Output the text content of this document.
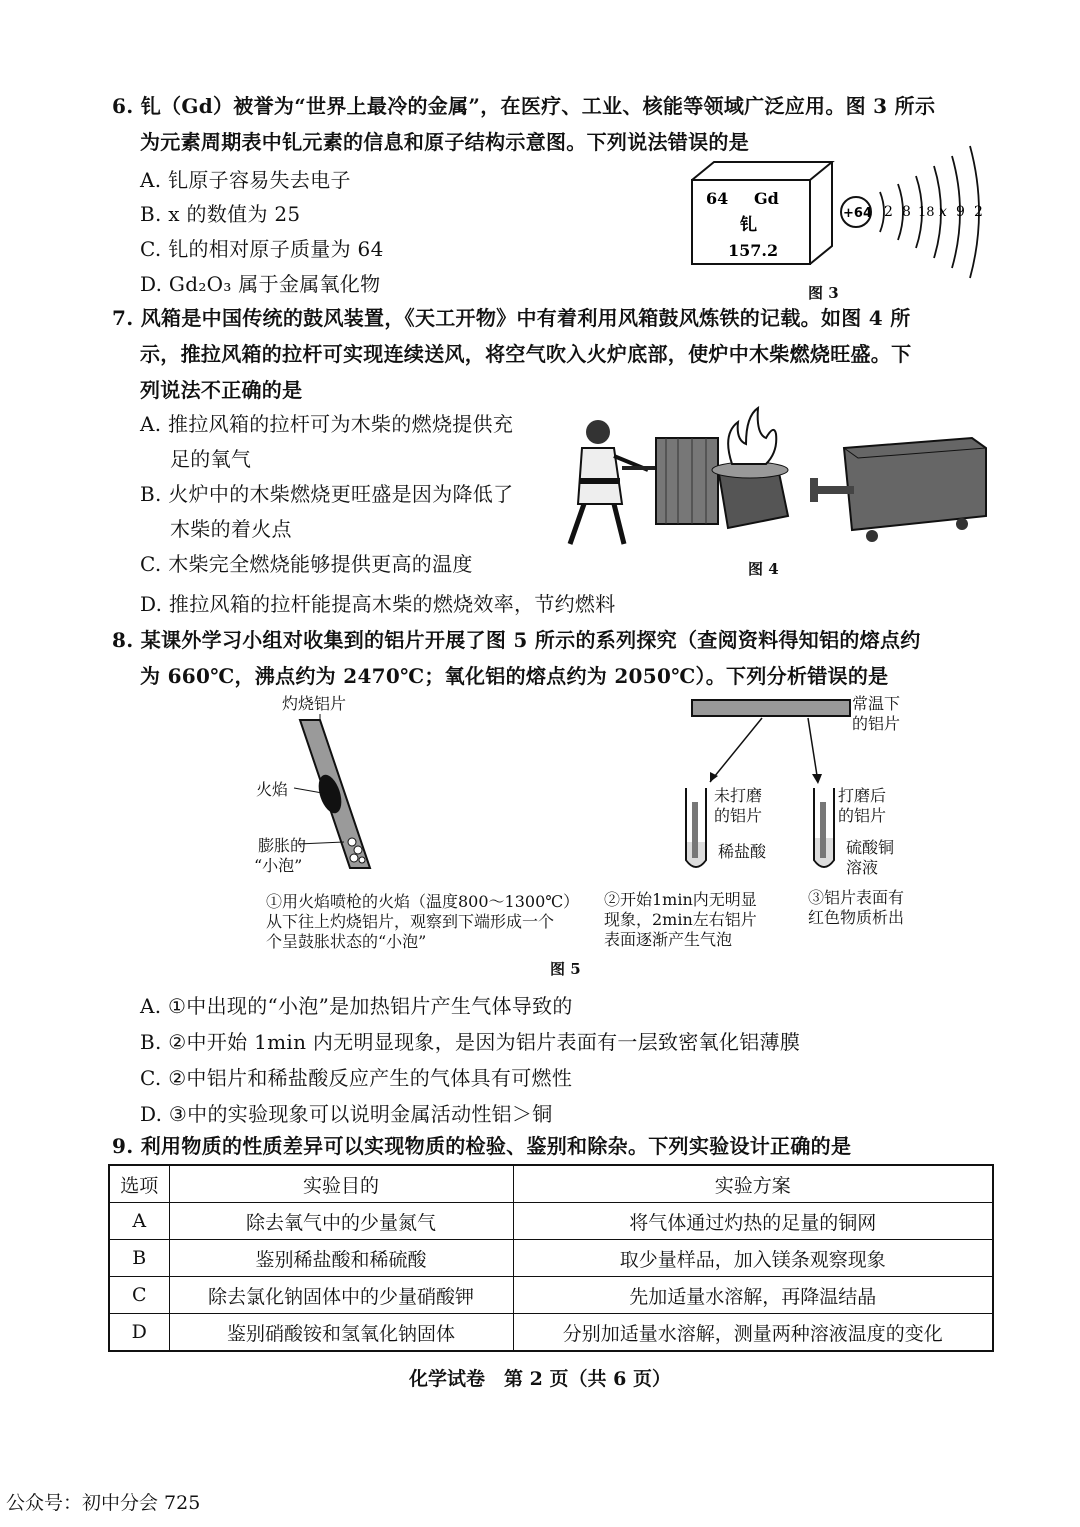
6. 钆（Gd）被誉为“世界上最冷的金属”，在医疗、工业、核能等领域广泛应用。图 3 所示
为元素周期表中钆元素的信息和原子结构示意图。下列说法错误的是
A. 钆原子容易失去电子
B. x 的数值为 25
C. 钆的相对原子质量为 64
D. Gd₂O₃ 属于金属氧化物
64 Gd
钆
157.2
+64 2 8 18 x 9 2
图 3
7. 风箱是中国传统的鼓风装置，《天工开物》中有着利用风箱鼓风炼铁的记载。如图 4 所
示，推拉风箱的拉杆可实现连续送风，将空气吹入火炉底部，使炉中木柴燃烧旺盛。下
列说法不正确的是
A. 推拉风箱的拉杆可为木柴的燃烧提供充
足的氧气
B. 火炉中的木柴燃烧更旺盛是因为降低了
木柴的着火点
C. 木柴完全燃烧能够提供更高的温度
D. 推拉风箱的拉杆能提高木柴的燃烧效率，节约燃料
图 4
8. 某课外学习小组对收集到的铝片开展了图 5 所示的系列探究（查阅资料得知铝的熔点约
为 660℃，沸点约为 2470℃；氧化铝的熔点约为 2050℃）。下列分析错误的是
灼烧铝片
火焰
膨胀的
“小泡”
常温下
的铝片
未打磨
的铝片
稀盐酸
打磨后
的铝片
硫酸铜
溶液
①用火焰喷枪的火焰（温度800～1300℃）
从下往上灼烧铝片，观察到下端形成一个
个呈鼓胀状态的“小泡”
②开始1min内无明显
现象，2min左右铝片
表面逐渐产生气泡
③铝片表面有
红色物质析出
图 5
A. ①中出现的“小泡”是加热铝片产生气体导致的
B. ②中开始 1min 内无明显现象，是因为铝片表面有一层致密氧化铝薄膜
C. ②中铝片和稀盐酸反应产生的气体具有可燃性
D. ③中的实验现象可以说明金属活动性铝＞铜
9. 利用物质的性质差异可以实现物质的检验、鉴别和除杂。下列实验设计正确的是
选项	实验目的	实验方案
A	除去氧气中的少量氮气	将气体通过灼热的足量的铜网
B	鉴别稀盐酸和稀硫酸	取少量样品，加入镁条观察现象
C	除去氯化钠固体中的少量硝酸钾	先加适量水溶解，再降温结晶
D	鉴别硝酸铵和氢氧化钠固体	分别加适量水溶解，测量两种溶液温度的变化
化学试卷　第 2 页（共 6 页）
公众号：初中分会 725
